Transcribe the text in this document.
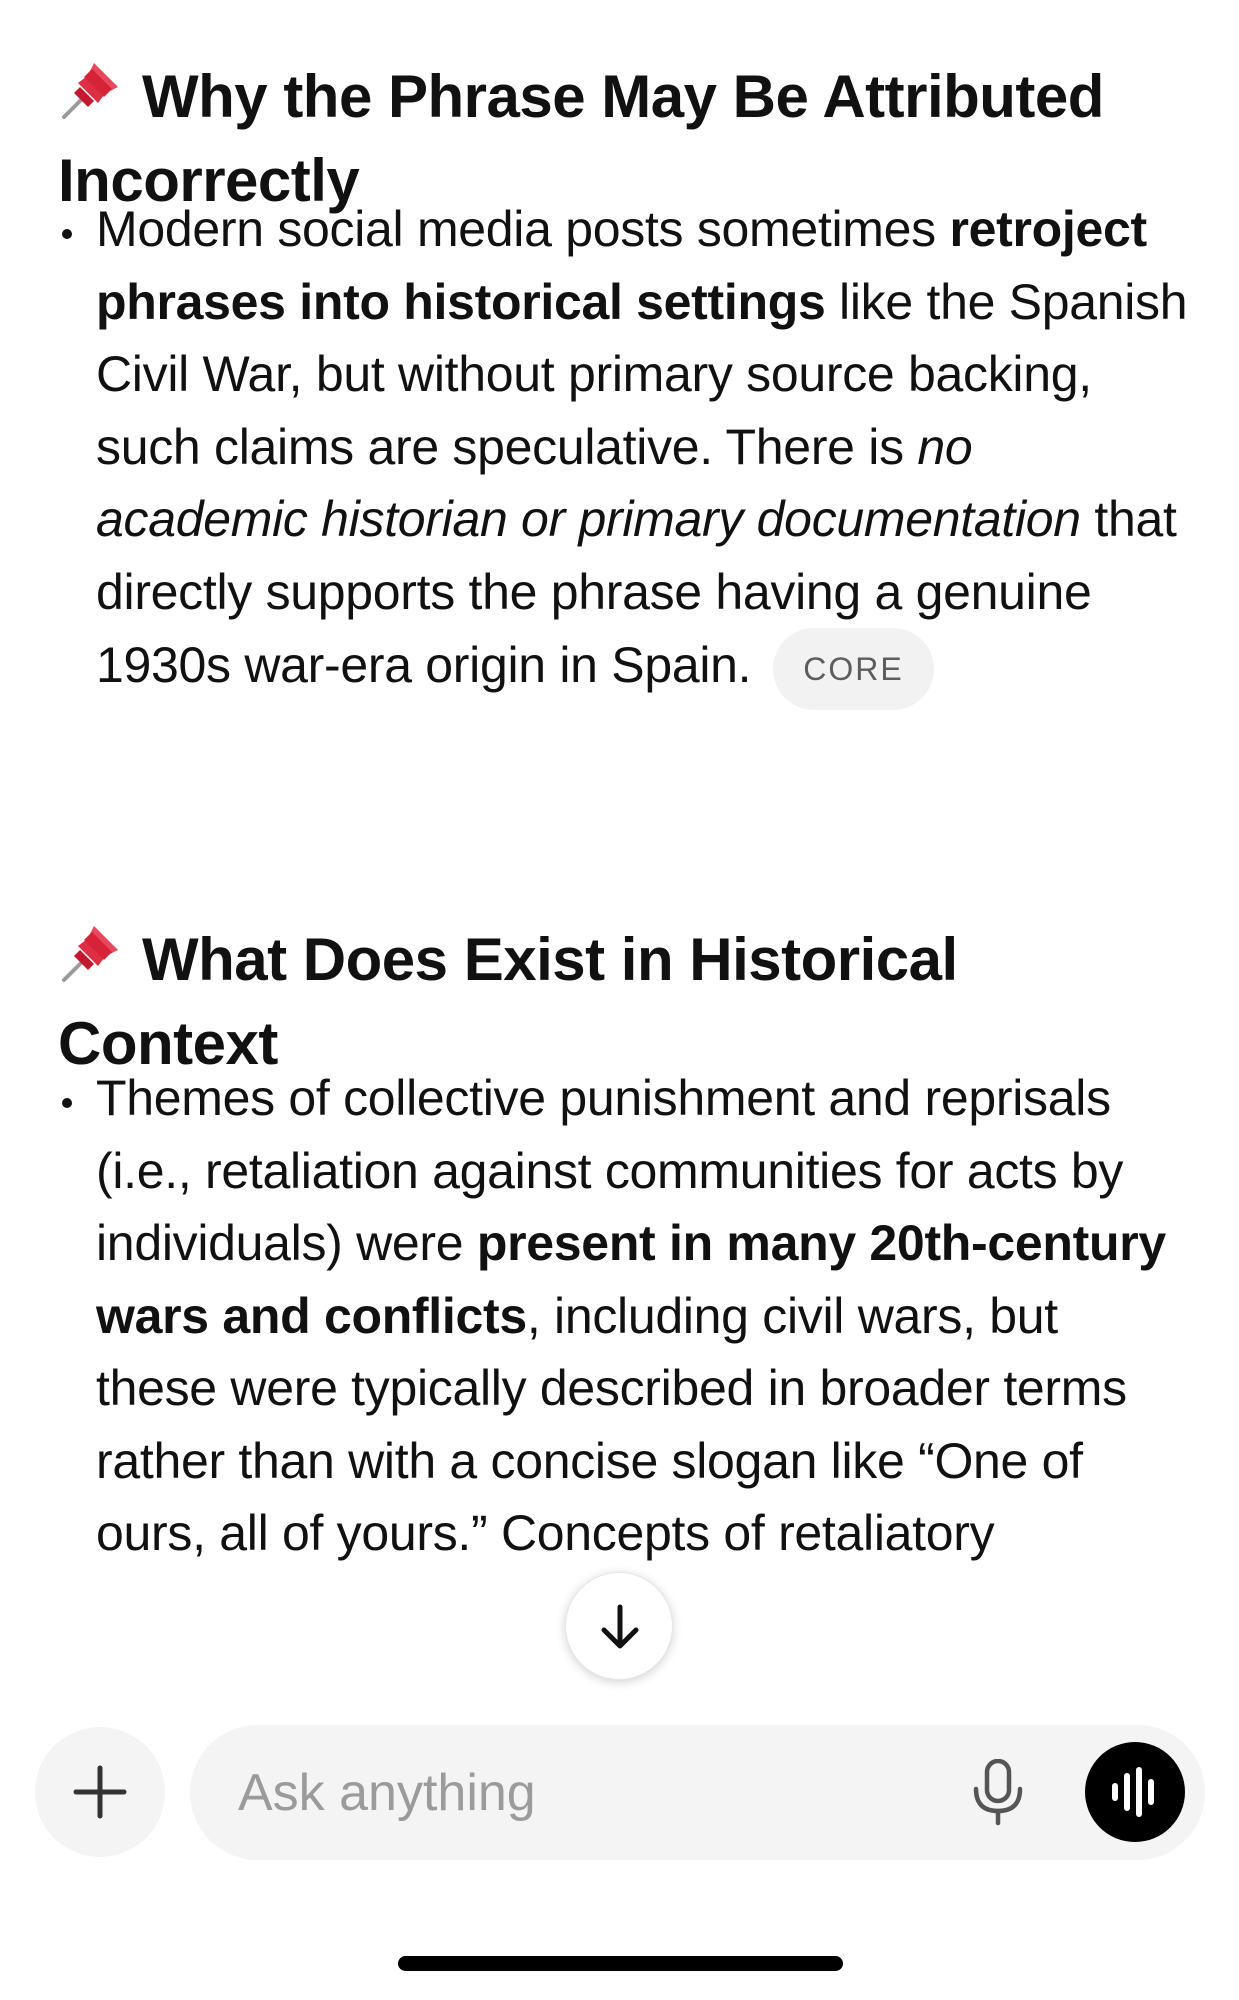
Why the Phrase May Be Attributed Incorrectly
Modern social media posts sometimes retroject phrases into historical settings like the Spanish Civil War, but without primary source backing, such claims are speculative. There is no academic historian or primary documentation that directly supports the phrase having a genuine 1930s war-era origin in Spain. CORE
What Does Exist in Historical Context
Themes of collective punishment and reprisals (i.e., retaliation against communities for acts by individuals) were present in many 20th-century wars and conflicts, including civil wars, but these were typically described in broader terms rather than with a concise slogan like “One of ours, all of yours.” Concepts of retaliatory
Ask anything
